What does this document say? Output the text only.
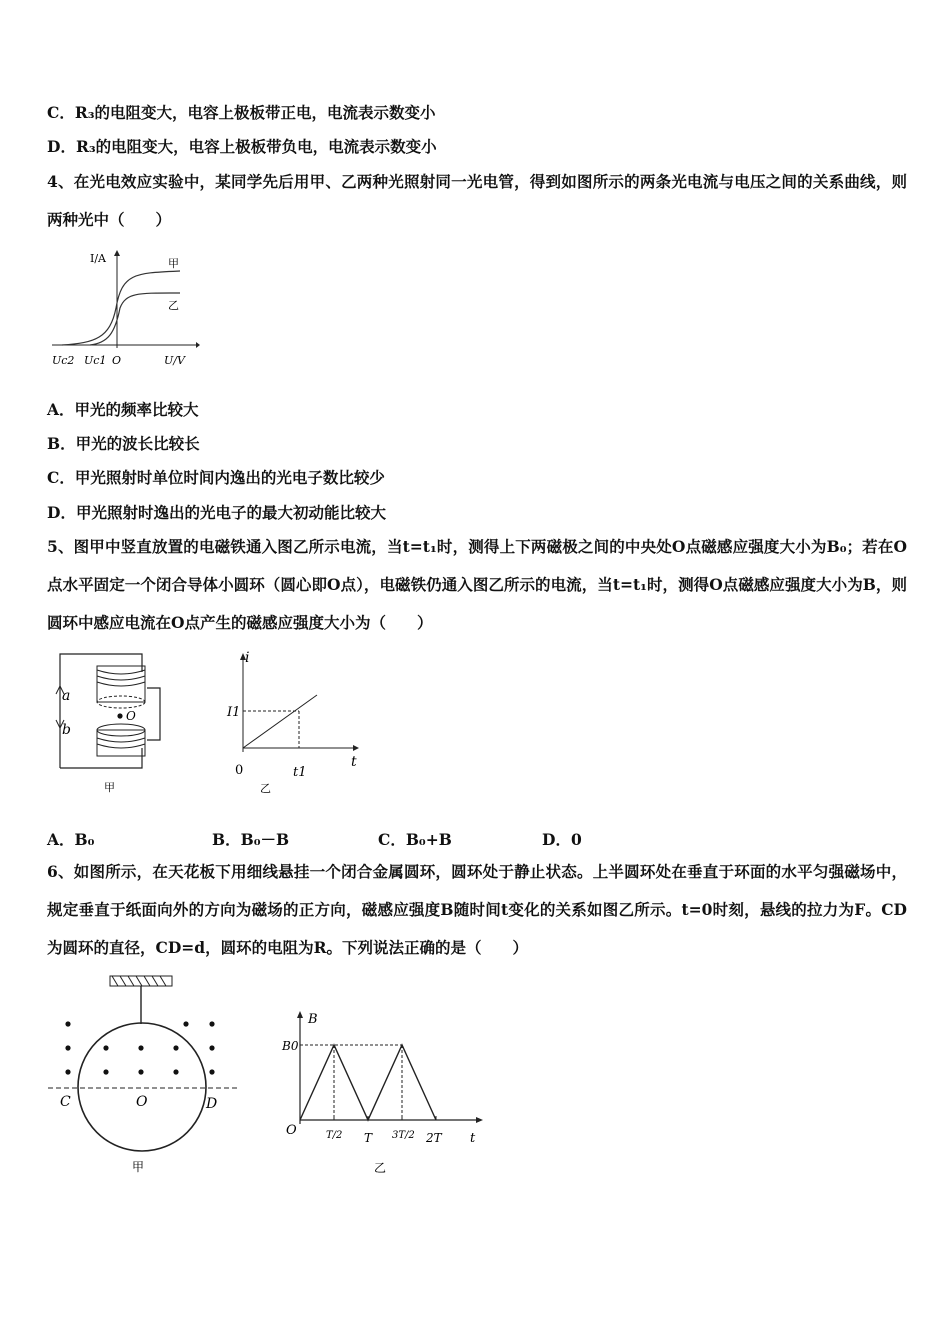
C．R₃的电阻变大，电容上极板带正电，电流表示数变小
D．R₃的电阻变大，电容上极板带负电，电流表示数变小
4、在光电效应实验中，某同学先后用甲、乙两种光照射同一光电管，得到如图所示的两条光电流与电压之间的关系曲线，则两种光中（　　）
I/A	甲
乙
Uc2 Uc1 O	U/V
A．甲光的频率比较大
B．甲光的波长比较长
C．甲光照射时单位时间内逸出的光电子数比较少
D．甲光照射时逸出的光电子的最大初动能比较大
5、图甲中竖直放置的电磁铁通入图乙所示电流，当t=t₁时，测得上下两磁极之间的中央处O点磁感应强度大小为B₀；若在O点水平固定一个闭合导体小圆环（圆心即O点），电磁铁仍通入图乙所示的电流，当t=t₁时，测得O点磁感应强度大小为B，则圆环中感应电流在O点产生的磁感应强度大小为（　　）
a
b
O
甲
i
I1
0	t1
t
乙
A．B₀	B．B₀－B	C．B₀+B	D．0
6、如图所示，在天花板下用细线悬挂一个闭合金属圆环，圆环处于静止状态。上半圆环处在垂直于环面的水平匀强磁场中，规定垂直于纸面向外的方向为磁场的正方向，磁感应强度B随时间t变化的关系如图乙所示。t=0时刻，悬线的拉力为F。CD为圆环的直径，CD=d，圆环的电阻为R。下列说法正确的是（　　）
C	O	D
甲
B
B0
O
t
T/2 T 3T/2 2T
乙
